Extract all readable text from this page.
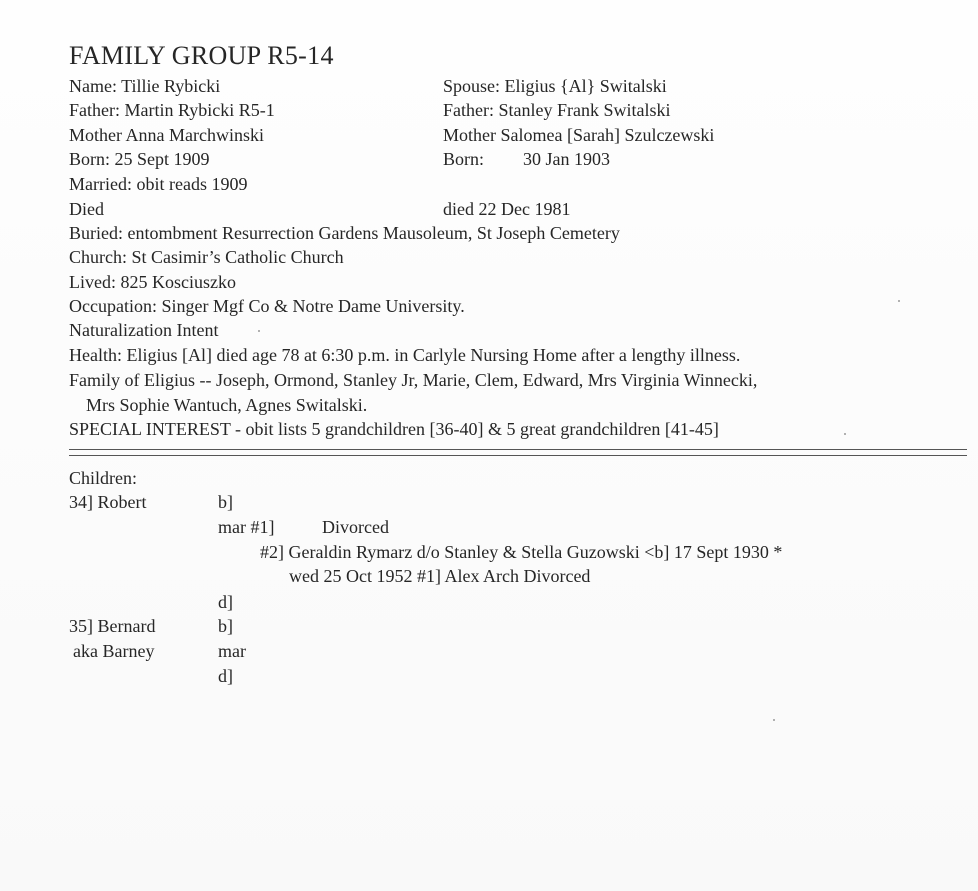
FAMILY GROUP R5-14
Name: Tillie Rybicki	Spouse: Eligius {Al} Switalski
Father: Martin Rybicki R5-1	Father: Stanley Frank Switalski
Mother Anna Marchwinski	Mother Salomea [Sarah] Szulczewski
Born: 25 Sept 1909	Born: 30 Jan 1903
Married: obit reads 1909
Died	died 22 Dec 1981
Buried: entombment Resurrection Gardens Mausoleum, St Joseph Cemetery
Church: St Casimir’s Catholic Church
Lived: 825 Kosciuszko
Occupation: Singer Mgf Co & Notre Dame University.
Naturalization Intent
Health: Eligius [Al] died age 78 at 6:30 p.m. in Carlyle Nursing Home after a lengthy illness.
Family of Eligius -- Joseph, Ormond, Stanley Jr, Marie, Clem, Edward, Mrs Virginia Winnecki,
Mrs Sophie Wantuch, Agnes Switalski.
SPECIAL INTEREST - obit lists 5 grandchildren [36-40] & 5 great grandchildren [41-45]
Children:
34] Robert	b]
mar #1]	Divorced
#2] Geraldin Rymarz d/o Stanley & Stella Guzowski <b] 17 Sept 1930 *
wed 25 Oct 1952 #1] Alex Arch Divorced
d]
35] Bernard	b]
aka Barney	mar
d]
